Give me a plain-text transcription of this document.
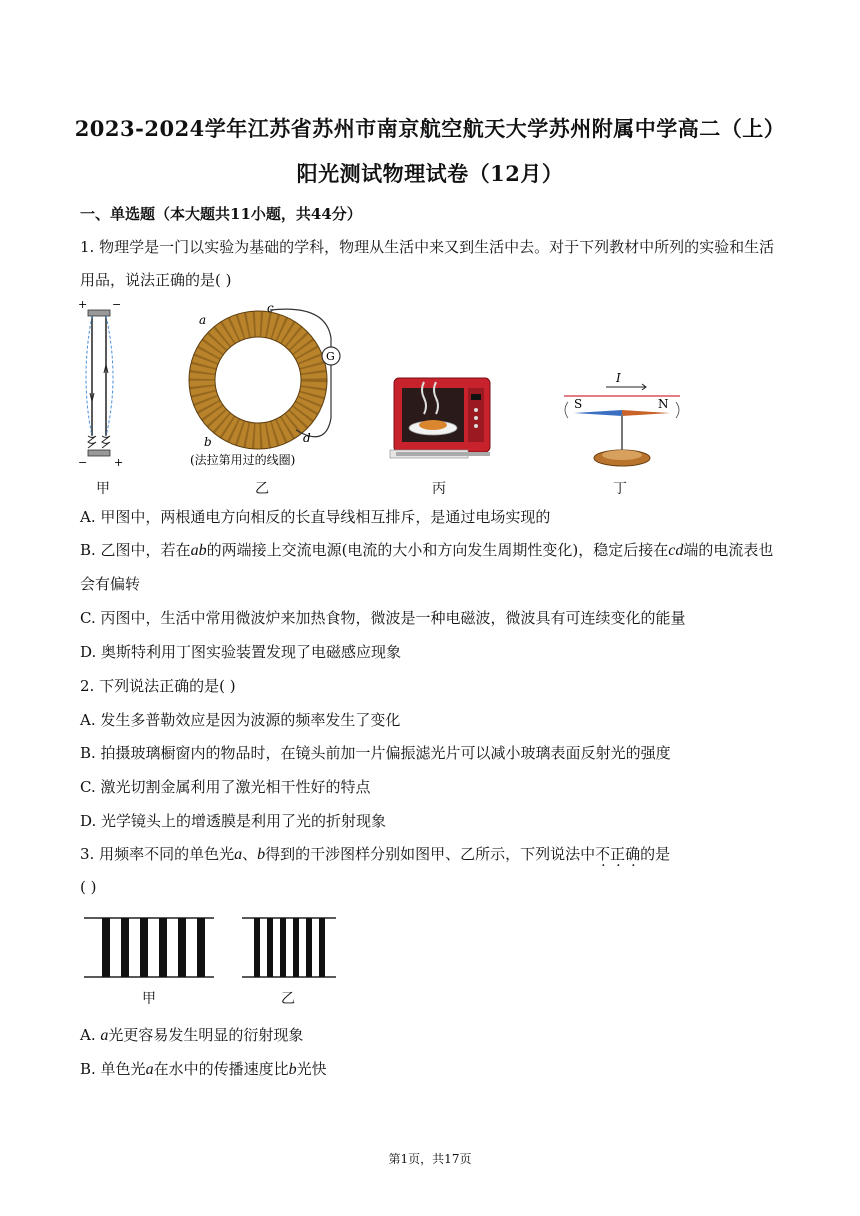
2023-2024学年江苏省苏州市南京航空航天大学苏州附属中学高二（上）
阳光测试物理试卷（12月）
一、单选题（本大题共11小题，共44分）
1. 物理学是一门以实验为基础的学科，物理从生活中来又到生活中去。对于下列教材中所列的实验和生活
用品，说法正确的是( )
+ −
− +
甲
G
a
c
b	d
(法拉第用过的线圈)
乙	丙
I
S	N
丁
A. 甲图中，两根通电方向相反的长直导线相互排斥，是通过电场实现的
B. 乙图中，若在ab的两端接上交流电源(电流的大小和方向发生周期性变化)，稳定后接在cd端的电流表也
会有偏转
C. 丙图中，生活中常用微波炉来加热食物，微波是一种电磁波，微波具有可连续变化的能量
D. 奥斯特利用丁图实验装置发现了电磁感应现象
2. 下列说法正确的是( )
A. 发生多普勒效应是因为波源的频率发生了变化
B. 拍摄玻璃橱窗内的物品时，在镜头前加一片偏振滤光片可以减小玻璃表面反射光的强度
C. 激光切割金属利用了激光相干性好的特点
D. 光学镜头上的增透膜是利用了光的折射现象
3. 用频率不同的单色光a、b得到的干涉图样分别如图甲、乙所示，下列说法中不正确的是
( )
甲	乙
A. a光更容易发生明显的衍射现象
B. 单色光a在水中的传播速度比b光快
第1页，共17页
